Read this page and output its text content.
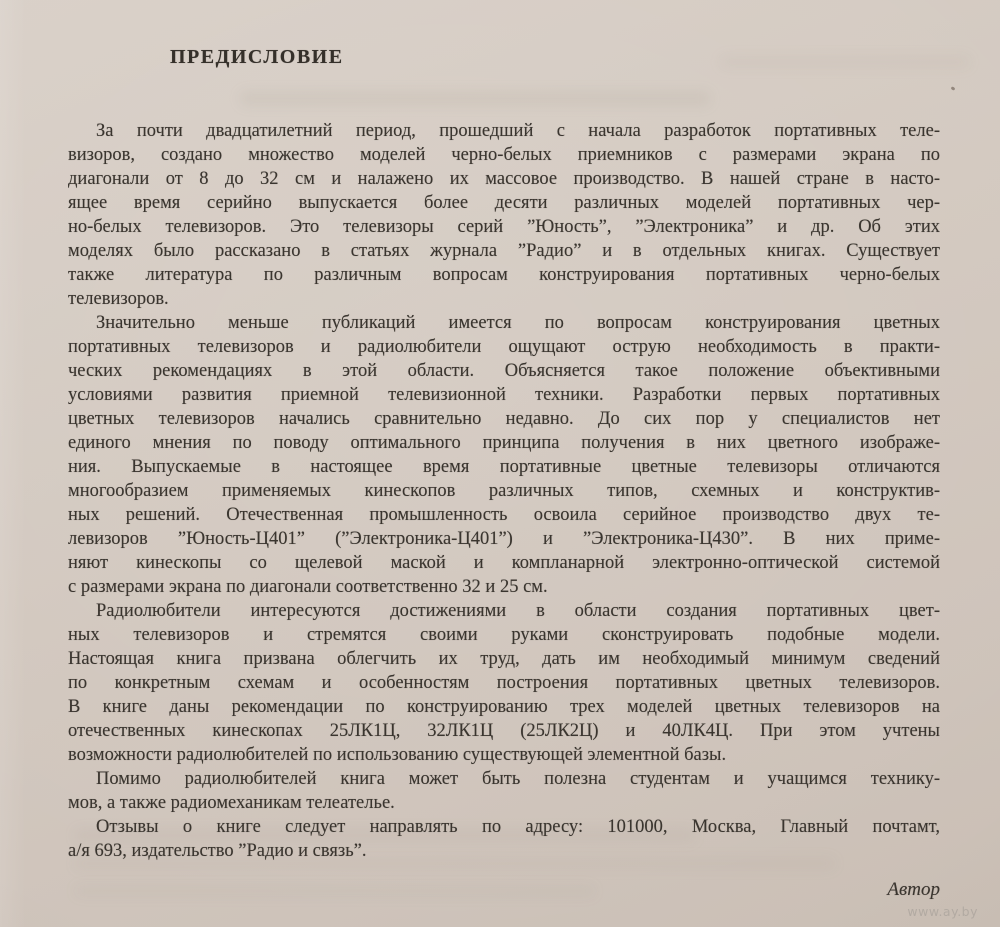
ПРЕДИСЛОВИЕ
За почти двадцатилетний период, прошедший с начала разработок портативных теле-
визоров, создано множество моделей черно-белых приемников с размерами экрана по
диагонали от 8 до 32 см и налажено их массовое производство. В нашей стране в насто-
ящее время серийно выпускается более десяти различных моделей портативных чер-
но-белых телевизоров. Это телевизоры серий ”Юность”, ”Электроника” и др. Об этих
моделях было рассказано в статьях журнала ”Радио” и в отдельных книгах. Существует
также литература по различным вопросам конструирования портативных черно-белых
телевизоров.
Значительно меньше публикаций имеется по вопросам конструирования цветных
портативных телевизоров и радиолюбители ощущают острую необходимость в практи-
ческих рекомендациях в этой области. Объясняется такое положение объективными
условиями развития приемной телевизионной техники. Разработки первых портативных
цветных телевизоров начались сравнительно недавно. До сих пор у специалистов нет
единого мнения по поводу оптимального принципа получения в них цветного изображе-
ния. Выпускаемые в настоящее время портативные цветные телевизоры отличаются
многообразием применяемых кинескопов различных типов, схемных и конструктив-
ных решений. Отечественная промышленность освоила серийное производство двух те-
левизоров ”Юность-Ц401” (”Электроника-Ц401”) и ”Электроника-Ц430”. В них приме-
няют кинескопы со щелевой маской и компланарной электронно-оптической системой
с размерами экрана по диагонали соответственно 32 и 25 см.
Радиолюбители интересуются достижениями в области создания портативных цвет-
ных телевизоров и стремятся своими руками сконструировать подобные модели.
Настоящая книга призвана облегчить их труд, дать им необходимый минимум сведений
по конкретным схемам и особенностям построения портативных цветных телевизоров.
В книге даны рекомендации по конструированию трех моделей цветных телевизоров на
отечественных кинескопах 25ЛК1Ц, 32ЛК1Ц (25ЛК2Ц) и 40ЛК4Ц. При этом учтены
возможности радиолюбителей по использованию существующей элементной базы.
Помимо радиолюбителей книга может быть полезна студентам и учащимся технику-
мов, а также радиомеханикам телеателье.
Отзывы о книге следует направлять по адресу: 101000, Москва, Главный почтамт,
а/я 693, издательство ”Радио и связь”.
Автор
www.ay.by
